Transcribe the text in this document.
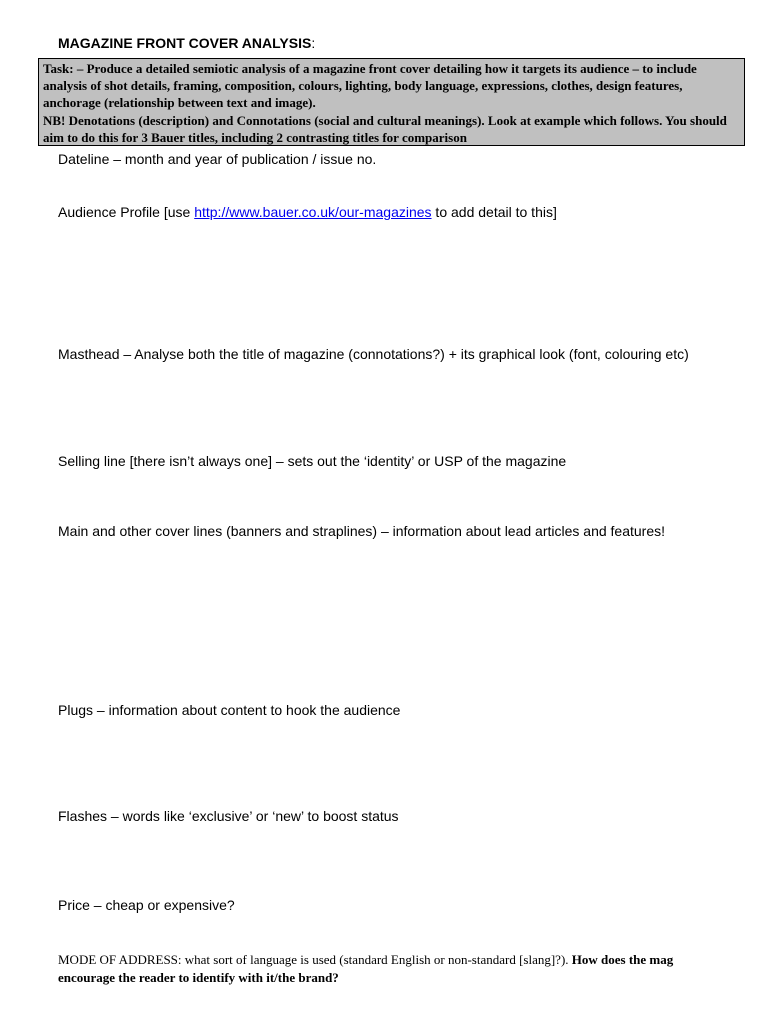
MAGAZINE FRONT COVER ANALYSIS:

Task: – Produce a detailed semiotic analysis of a magazine front cover detailing how it targets its audience – to include analysis of shot details, framing, composition, colours, lighting, body language, expressions, clothes, design features, anchorage (relationship between text and image).

NB! Denotations (description) and Connotations (social and cultural meanings). Look at example which follows. You should aim to do this for 3 Bauer titles, including 2 contrasting titles for comparison

Dateline – month and year of publication / issue no.
Audience Profile [use http://www.bauer.co.uk/our-magazines to add detail to this]
Masthead – Analyse both the title of magazine (connotations?) + its graphical look (font, colouring etc)
Selling line [there isn’t always one] – sets out the ‘identity’ or USP of the magazine
Main and other cover lines (banners and straplines) – information about lead articles and features!
Plugs – information about content to hook the audience
Flashes – words like ‘exclusive’ or ‘new’ to boost status
Price – cheap or expensive?
MODE OF ADDRESS: what sort of language is used (standard English or non-standard [slang]?). How does the mag encourage the reader to identify with it/the brand?
